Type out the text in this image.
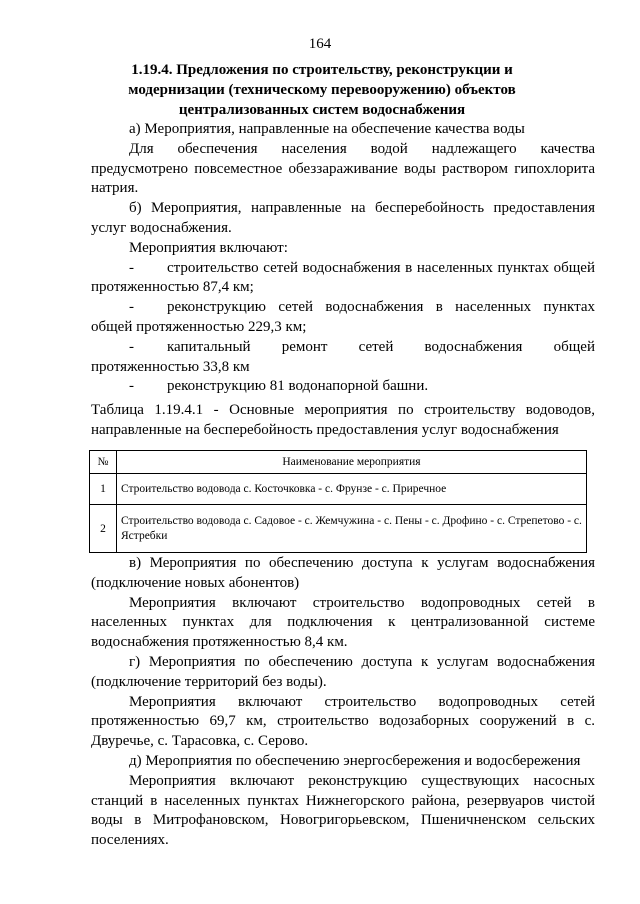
164
1.19.4. Предложения по строительству, реконструкции и модернизации (техническому перевооружению) объектов централизованных систем водоснабжения

а) Мероприятия, направленные на обеспечение качества воды

Для обеспечения населения водой надлежащего качества предусмотрено повсеместное обеззараживание воды раствором гипохлорита натрия.

б) Мероприятия, направленные на бесперебойность предоставления услуг водоснабжения.

Мероприятия включают:

- строительство сетей водоснабжения в населенных пунктах общей протяженностью 87,4 км;

- реконструкцию сетей водоснабжения в населенных пунктах общей протяженностью 229,3 км;

- капитальный ремонт сетей водоснабжения общей протяженностью 33,8 км

- реконструкцию 81 водонапорной башни.

Таблица 1.19.4.1 - Основные мероприятия по строительству водоводов, направленные на бесперебойность предоставления услуг водоснабжения

№	Наименование мероприятия
1	Строительство водовода с. Косточковка - с. Фрунзе - с. Приречное
2	Строительство водовода с. Садовое - с. Жемчужина - с. Пены - с. Дрофино - с. Стрепетово - с. Ястребки

в) Мероприятия по обеспечению доступа к услугам водоснабжения (подключение новых абонентов)

Мероприятия включают строительство водопроводных сетей в населенных пунктах для подключения к централизованной системе водоснабжения протяженностью 8,4 км.

г) Мероприятия по обеспечению доступа к услугам водоснабжения (подключение территорий без воды).

Мероприятия включают строительство водопроводных сетей протяженностью 69,7 км, строительство водозаборных сооружений в с. Двуречье, с. Тарасовка, с. Серово.

д) Мероприятия по обеспечению энергосбережения и водосбережения

Мероприятия включают реконструкцию существующих насосных станций в населенных пунктах Нижнегорского района, резервуаров чистой воды в Митрофановском, Новогригорьевском, Пшеничненском сельских поселениях.
